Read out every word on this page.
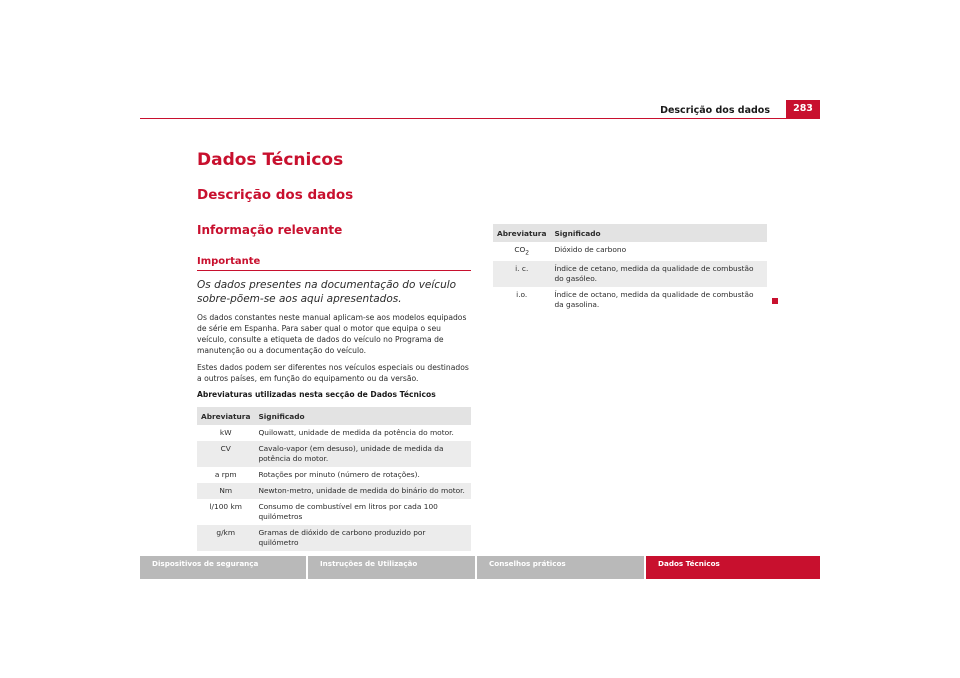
Descrição dos dados	283
Dados Técnicos
Descrição dos dados
Informação relevante
Importante
Os dados presentes na documentação do veículo sobre-põem-se aos aqui apresentados.
Os dados constantes neste manual aplicam-se aos modelos equipados de série em Espanha. Para saber qual o motor que equipa o seu veículo, consulte a etiqueta de dados do veículo no Programa de manutenção ou a documentação do veículo.
Estes dados podem ser diferentes nos veículos especiais ou destinados a outros países, em função do equipamento ou da versão.
Abreviaturas utilizadas nesta secção de Dados Técnicos
Abreviatura	Significado
kW	Quilowatt, unidade de medida da potência do motor.
CV	Cavalo-vapor (em desuso), unidade de medida da potência do motor.
a rpm	Rotações por minuto (número de rotações).
Nm	Newton-metro, unidade de medida do binário do motor.
l/100 km	Consumo de combustível em litros por cada 100 quilómetros
g/km	Gramas de dióxido de carbono produzido por quilómetro
Abreviatura	Significado
$CO_2$	Dióxido de carbono
i. c.	Índice de cetano, medida da qualidade de combustão do gasóleo.
i.o.	Índice de octano, medida da qualidade de combustão da gasolina.
Dispositivos de segurança	Instruções de Utilização	Conselhos práticos	Dados Técnicos
